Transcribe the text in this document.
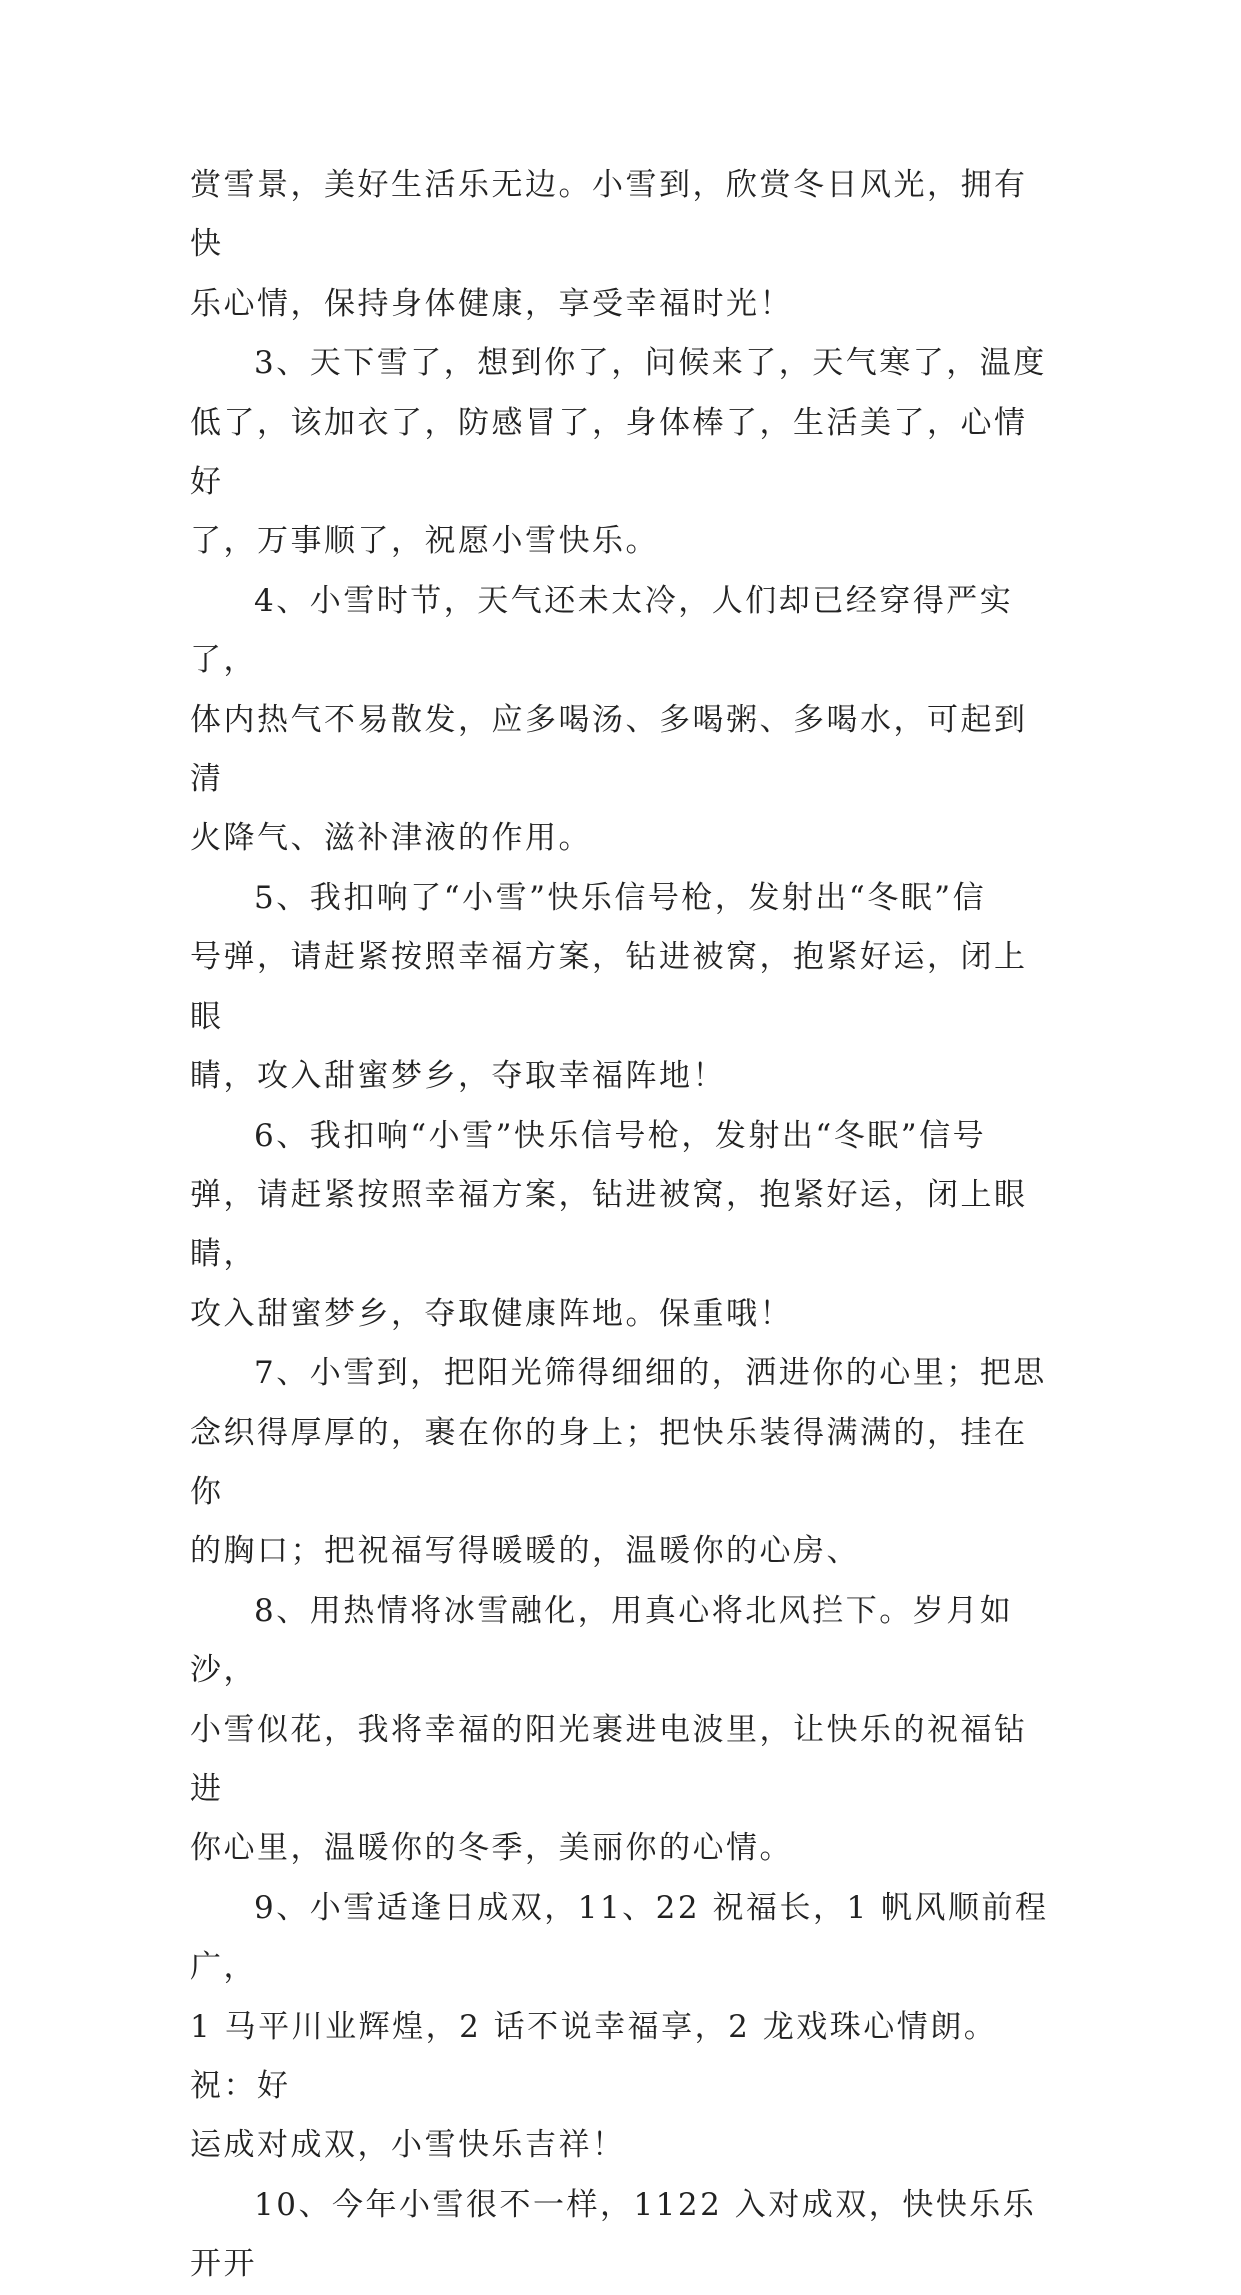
赏雪景，美好生活乐无边。小雪到，欣赏冬日风光，拥有快
乐心情，保持身体健康，享受幸福时光！

3、天下雪了，想到你了，问候来了，天气寒了，温度
低了，该加衣了，防感冒了，身体棒了，生活美了，心情好
了，万事顺了，祝愿小雪快乐。

4、小雪时节，天气还未太冷，人们却已经穿得严实了，
体内热气不易散发，应多喝汤、多喝粥、多喝水，可起到清
火降气、滋补津液的作用。

5、我扣响了“小雪”快乐信号枪，发射出“冬眠”信
号弹，请赶紧按照幸福方案，钻进被窝，抱紧好运，闭上眼
睛，攻入甜蜜梦乡，夺取幸福阵地！

6、我扣响“小雪”快乐信号枪，发射出“冬眠”信号
弹，请赶紧按照幸福方案，钻进被窝，抱紧好运，闭上眼睛，
攻入甜蜜梦乡，夺取健康阵地。保重哦！

7、小雪到，把阳光筛得细细的，洒进你的心里；把思
念织得厚厚的，裹在你的身上；把快乐装得满满的，挂在你
的胸口；把祝福写得暖暖的，温暖你的心房、

8、用热情将冰雪融化，用真心将北风拦下。岁月如沙，
小雪似花，我将幸福的阳光裹进电波里，让快乐的祝福钻进
你心里，温暖你的冬季，美丽你的心情。

9、小雪适逢日成双，11、22 祝福长，1 帆风顺前程广，
1 马平川业辉煌，2 话不说幸福享，2 龙戏珠心情朗。祝：好
运成对成双，小雪快乐吉祥！

10、今年小雪很不一样，1122 入对成双，快快乐乐开开
